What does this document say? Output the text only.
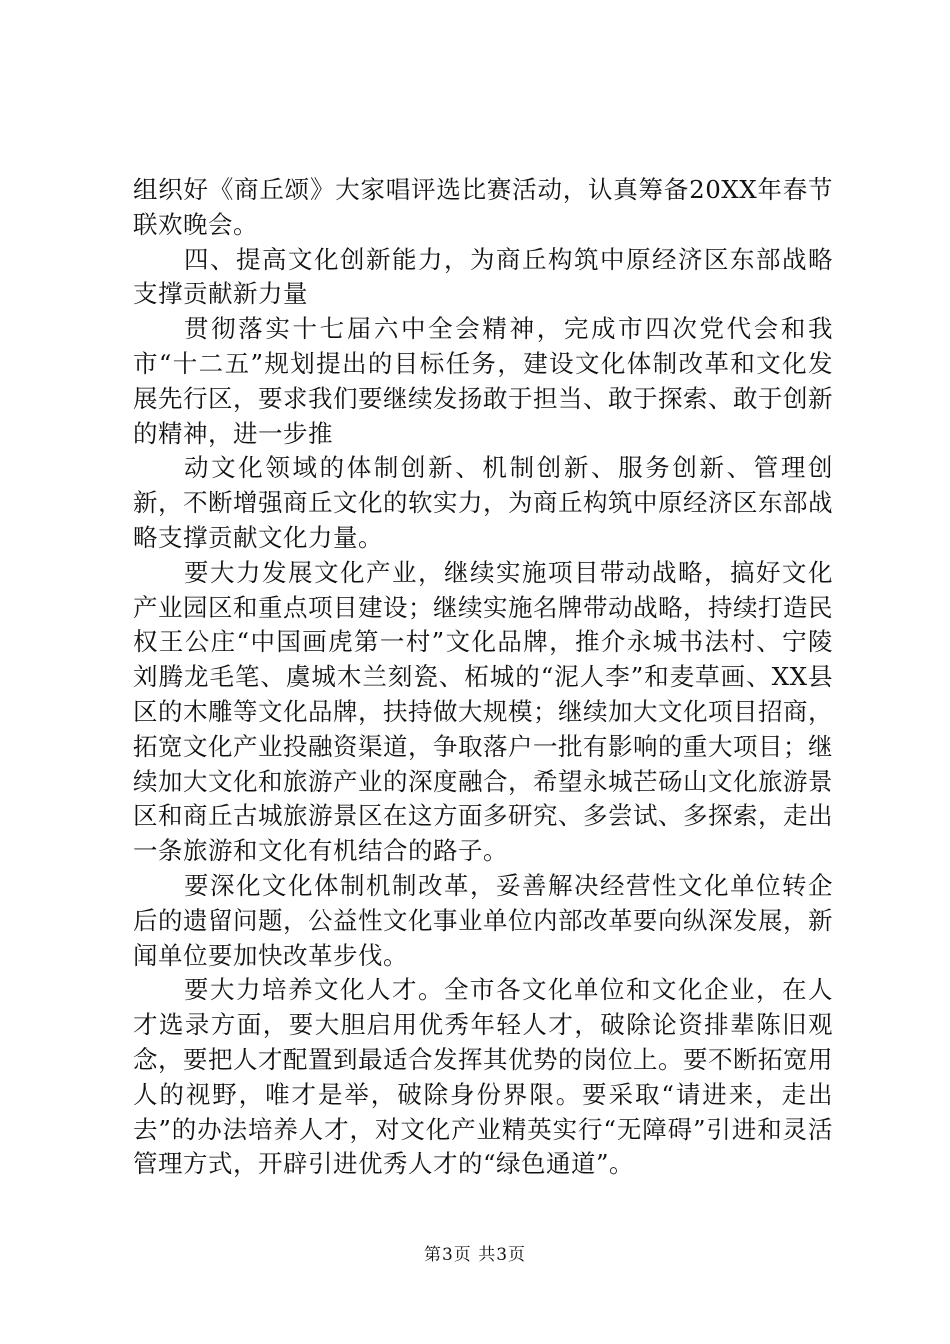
组织好《商丘颂》大家唱评选比赛活动，认真筹备20XX年春节联欢晚会。

四、提高文化创新能力，为商丘构筑中原经济区东部战略支撑贡献新力量

贯彻落实十七届六中全会精神，完成市四次党代会和我市“十二五”规划提出的目标任务，建设文化体制改革和文化发展先行区，要求我们要继续发扬敢于担当、敢于探索、敢于创新的精神，进一步推

动文化领域的体制创新、机制创新、服务创新、管理创新，不断增强商丘文化的软实力，为商丘构筑中原经济区东部战略支撑贡献文化力量。

要大力发展文化产业，继续实施项目带动战略，搞好文化产业园区和重点项目建设；继续实施名牌带动战略，持续打造民权王公庄“中国画虎第一村”文化品牌，推介永城书法村、宁陵刘腾龙毛笔、虞城木兰刻瓷、柘城的“泥人李”和麦草画、XX县区的木雕等文化品牌，扶持做大规模；继续加大文化项目招商，拓宽文化产业投融资渠道，争取落户一批有影响的重大项目；继续加大文化和旅游产业的深度融合，希望永城芒砀山文化旅游景区和商丘古城旅游景区在这方面多研究、多尝试、多探索，走出一条旅游和文化有机结合的路子。

要深化文化体制机制改革，妥善解决经营性文化单位转企后的遗留问题，公益性文化事业单位内部改革要向纵深发展，新闻单位要加快改革步伐。

要大力培养文化人才。全市各文化单位和文化企业，在人才选录方面，要大胆启用优秀年轻人才，破除论资排辈陈旧观念，要把人才配置到最适合发挥其优势的岗位上。要不断拓宽用人的视野，唯才是举，破除身份界限。要采取“请进来，走出去”的办法培养人才，对文化产业精英实行“无障碍”引进和灵活管理方式，开辟引进优秀人才的“绿色通道”。

第3页 共3页
